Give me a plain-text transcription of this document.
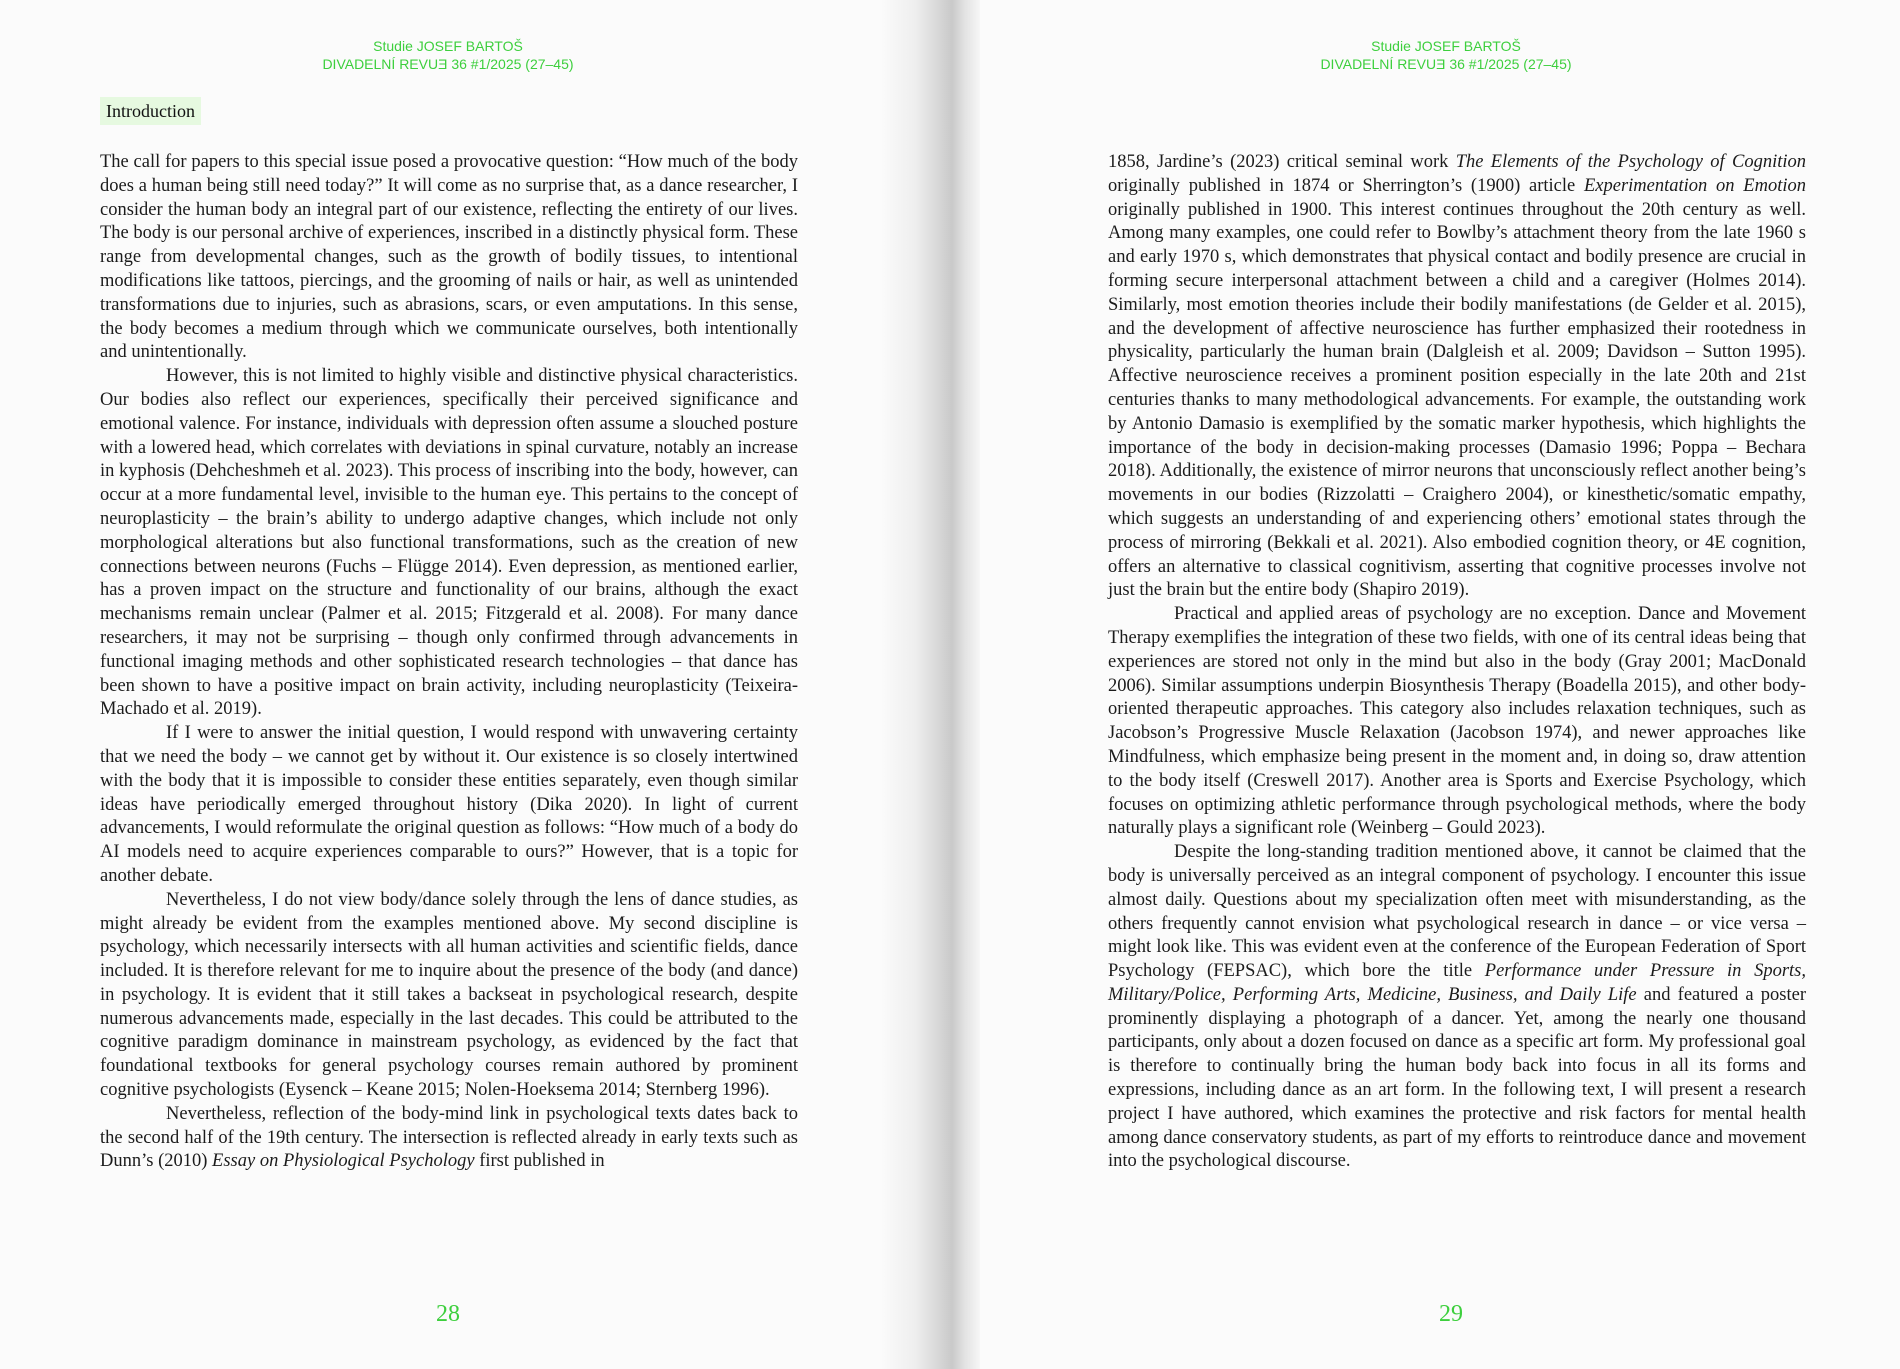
Studie JOSEF BARTOŠ
DIVADELNÍ REVUƎ 36 #1/2025 (27–45)
Introduction

The call for papers to this special issue posed a provocative question: “How much of the body does a human being still need today?” It will come as no surprise that, as a dance researcher, I consider the human body an integral part of our existence, reflecting the entirety of our lives. The body is our personal archive of experiences, inscribed in a distinctly physical form. These range from developmental changes, such as the growth of bodily tissues, to intentional modifications like tattoos, piercings, and the grooming of nails or hair, as well as unintended transformations due to injuries, such as abrasions, scars, or even amputations. In this sense, the body becomes a medium through which we communicate ourselves, both intentionally and unintentionally.

However, this is not limited to highly visible and distinctive physical characteristics. Our bodies also reflect our experiences, specifically their perceived significance and emotional valence. For instance, individuals with depression often assume a slouched posture with a lowered head, which correlates with deviations in spinal curvature, notably an increase in kyphosis (Dehcheshmeh et al. 2023). This process of inscribing into the body, however, can occur at a more fundamental level, invisible to the human eye. This pertains to the concept of neuroplasticity – the brain’s ability to undergo adaptive changes, which include not only morphological alterations but also functional transformations, such as the creation of new connections between neurons (Fuchs – Flügge 2014). Even depression, as mentioned earlier, has a proven impact on the structure and functionality of our brains, although the exact mechanisms remain unclear (Palmer et al. 2015; Fitzgerald et al. 2008). For many dance researchers, it may not be surprising – though only confirmed through advancements in functional imaging methods and other sophisticated research technologies – that dance has been shown to have a positive impact on brain activity, including neuroplasticity (Teixeira-Machado et al. 2019).

If I were to answer the initial question, I would respond with unwavering certainty that we need the body – we cannot get by without it. Our existence is so closely intertwined with the body that it is impossible to consider these entities separately, even though similar ideas have periodically emerged throughout history (Dika 2020). In light of current advancements, I would reformulate the original question as follows: “How much of a body do AI models need to acquire experiences comparable to ours?” However, that is a topic for another debate.

Nevertheless, I do not view body/dance solely through the lens of dance studies, as might already be evident from the examples mentioned above. My second discipline is psychology, which necessarily intersects with all human activities and scientific fields, dance included. It is therefore relevant for me to inquire about the presence of the body (and dance) in psychology. It is evident that it still takes a backseat in psychological research, despite numerous advancements made, especially in the last decades. This could be attributed to the cognitive paradigm dominance in mainstream psychology, as evidenced by the fact that foundational textbooks for general psychology courses remain authored by prominent cognitive psychologists (Eysenck – Keane 2015; Nolen-Hoeksema 2014; Sternberg 1996).

Nevertheless, reflection of the body-mind link in psychological texts dates back to the second half of the 19th century. The intersection is reflected already in early texts such as Dunn’s (2010) Essay on Physiological Psychology first published in

28
Studie JOSEF BARTOŠ
DIVADELNÍ REVUƎ 36 #1/2025 (27–45)

1858, Jardine’s (2023) critical seminal work The Elements of the Psychology of Cognition originally published in 1874 or Sherrington’s (1900) article Experimentation on Emotion originally published in 1900. This interest continues throughout the 20th century as well. Among many examples, one could refer to Bowlby’s attachment theory from the late 1960 s and early 1970 s, which demonstrates that physical contact and bodily presence are crucial in forming secure interpersonal attachment between a child and a caregiver (Holmes 2014). Similarly, most emotion theories include their bodily manifestations (de Gelder et al. 2015), and the development of affective neuroscience has further emphasized their rootedness in physicality, particularly the human brain (Dalgleish et al. 2009; Davidson – Sutton 1995). Affective neuroscience receives a prominent position especially in the late 20th and 21st centuries thanks to many methodological advancements. For example, the outstanding work by Antonio Damasio is exemplified by the somatic marker hypothesis, which highlights the importance of the body in decision-making processes (Damasio 1996; Poppa – Bechara 2018). Additionally, the existence of mirror neurons that unconsciously reflect another being’s movements in our bodies (Rizzolatti – Craighero 2004), or kinesthetic/somatic empathy, which suggests an understanding of and experiencing others’ emotional states through the process of mirroring (Bekkali et al. 2021). Also embodied cognition theory, or 4E cognition, offers an alternative to classical cognitivism, asserting that cognitive processes involve not just the brain but the entire body (Shapiro 2019).

Practical and applied areas of psychology are no exception. Dance and Movement Therapy exemplifies the integration of these two fields, with one of its central ideas being that experiences are stored not only in the mind but also in the body (Gray 2001; MacDonald 2006). Similar assumptions underpin Biosynthesis Therapy (Boadella 2015), and other body-oriented therapeutic approaches. This category also includes relaxation techniques, such as Jacobson’s Progressive Muscle Relaxation (Jacobson 1974), and newer approaches like Mindfulness, which emphasize being present in the moment and, in doing so, draw attention to the body itself (Creswell 2017). Another area is Sports and Exercise Psychology, which focuses on optimizing athletic performance through psychological methods, where the body naturally plays a significant role (Weinberg – Gould 2023).

Despite the long-standing tradition mentioned above, it cannot be claimed that the body is universally perceived as an integral component of psychology. I encounter this issue almost daily. Questions about my specialization often meet with misunderstanding, as the others frequently cannot envision what psychological research in dance – or vice versa – might look like. This was evident even at the conference of the European Federation of Sport Psychology (FEPSAC), which bore the title Performance under Pressure in Sports, Military/Police, Performing Arts, Medicine, Business, and Daily Life and featured a poster prominently displaying a photograph of a dancer. Yet, among the nearly one thousand participants, only about a dozen focused on dance as a specific art form. My professional goal is therefore to continually bring the human body back into focus in all its forms and expressions, including dance as an art form. In the following text, I will present a research project I have authored, which examines the protective and risk factors for mental health among dance conservatory students, as part of my efforts to reintroduce dance and movement into the psychological discourse.

29
